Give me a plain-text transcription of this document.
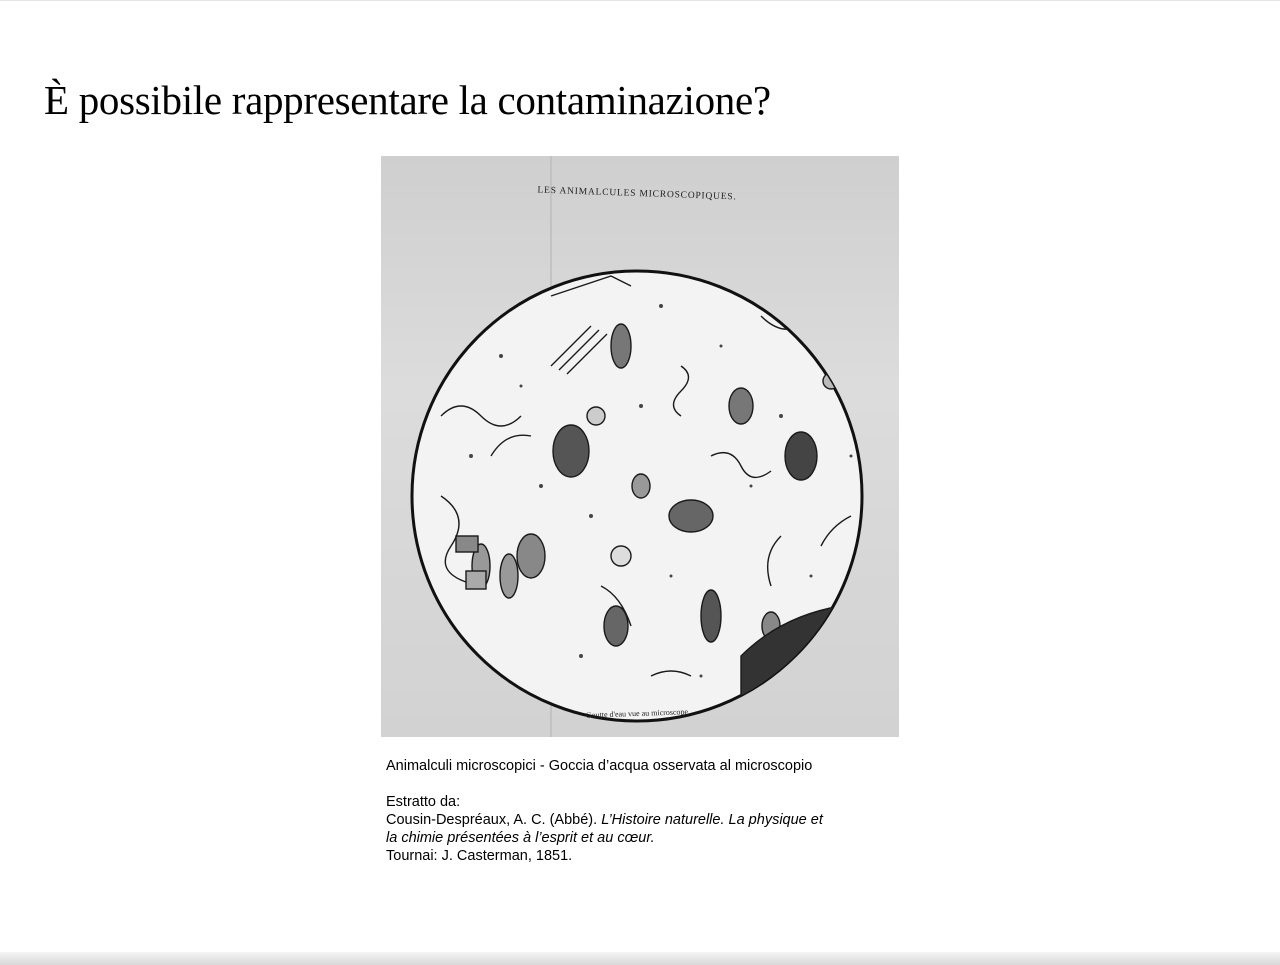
È possibile rappresentare la contaminazione?
LES ANIMALCULES MICROSCOPIQUES.
Goutte d'eau vue au microscope

Animalculi microscopici - Goccia d’acqua osservata al microscopio

Estratto da:

Cousin-Despréaux, A. C. (Abbé). L’Histoire naturelle. La physique et

la chimie présentées à l’esprit et au cœur.

Tournai: J. Casterman, 1851.
